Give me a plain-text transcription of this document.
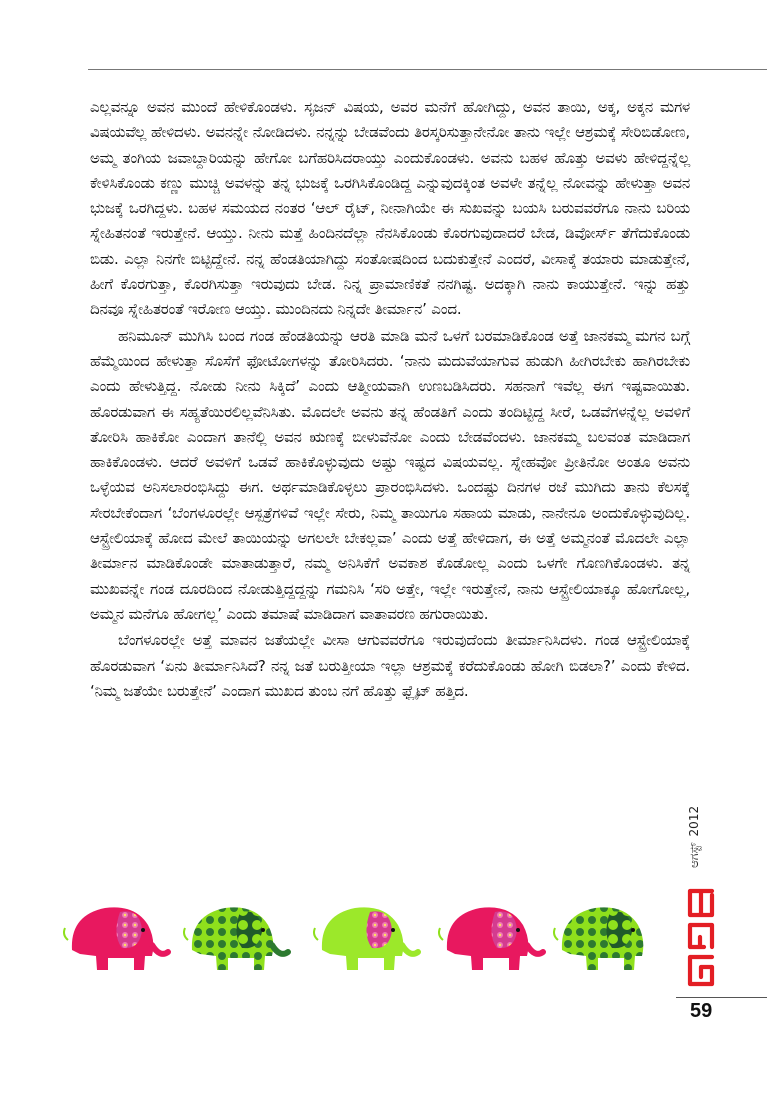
ಎಲ್ಲವನ್ನೂ ಅವನ ಮುಂದೆ ಹೇಳಿಕೊಂಡಳು. ಸೃಜನ್ ವಿಷಯ, ಅವರ ಮನೆಗೆ ಹೋಗಿದ್ದು, ಅವನ ತಾಯಿ, ಅಕ್ಕ, ಅಕ್ಕನ ಮಗಳ ವಿಷಯವೆಲ್ಲ ಹೇಳಿದಳು. ಅವನನ್ನೇ ನೋಡಿದಳು. ನನ್ನನ್ನು ಬೇಡವೆಂದು ತಿರಸ್ಕರಿಸುತ್ತಾನೇನೋ ತಾನು ಇಲ್ಲೇ ಆಶ್ರಮಕ್ಕೆ ಸೇರಿಬಿಡೋಣ, ಅಮ್ಮ ತಂಗಿಯ ಜವಾಬ್ದಾರಿಯನ್ನು ಹೇಗೋ ಬಗೆಹರಿಸಿದರಾಯ್ತು ಎಂದುಕೊಂಡಳು. ಅವನು ಬಹಳ ಹೊತ್ತು ಅವಳು ಹೇಳಿದ್ದನ್ನೆಲ್ಲ ಕೇಳಿಸಿಕೊಂಡು ಕಣ್ಣು ಮುಚ್ಚಿ ಅವಳನ್ನು ತನ್ನ ಭುಜಕ್ಕೆ ಒರಗಿಸಿಕೊಂಡಿದ್ದ ಎನ್ನುವುದಕ್ಕಿಂತ ಅವಳೇ ತನ್ನೆಲ್ಲ ನೋವನ್ನು ಹೇಳುತ್ತಾ ಅವನ ಭುಜಕ್ಕೆ ಒರಗಿದ್ದಳು. ಬಹಳ ಸಮಯದ ನಂತರ ‘ಆಲ್ ರೈಟ್, ನೀನಾಗಿಯೇ ಈ ಸುಖವನ್ನು ಬಯಸಿ ಬರುವವರೆಗೂ ನಾನು ಬರಿಯ ಸ್ನೇಹಿತನಂತೆ ಇರುತ್ತೇನೆ. ಆಯ್ತು. ನೀನು ಮತ್ತೆ ಹಿಂದಿನದೆಲ್ಲಾ ನೆನಸಿಕೊಂಡು ಕೊರಗುವುದಾದರೆ ಬೇಡ, ಡಿವೋರ್ಸ್ ತೆಗೆದುಕೊಂಡು ಬಿಡು. ಎಲ್ಲಾ ನಿನಗೇ ಬಿಟ್ಟಿದ್ದೇನೆ. ನನ್ನ ಹೆಂಡತಿಯಾಗಿದ್ದು ಸಂತೋಷದಿಂದ ಬದುಕುತ್ತೇನೆ ಎಂದರೆ, ವೀಸಾಕ್ಕೆ ತಯಾರು ಮಾಡುತ್ತೇನೆ, ಹೀಗೆ ಕೊರಗುತ್ತಾ, ಕೊರಗಿಸುತ್ತಾ ಇರುವುದು ಬೇಡ. ನಿನ್ನ ಪ್ರಾಮಾಣಿಕತೆ ನನಗಿಷ್ಟ. ಅದಕ್ಕಾಗಿ ನಾನು ಕಾಯುತ್ತೇನೆ. ಇನ್ನು ಹತ್ತು ದಿನವೂ ಸ್ನೇಹಿತರಂತೆ ಇರೋಣ ಆಯ್ತು. ಮುಂದಿನದು ನಿನ್ನದೇ ತೀರ್ಮಾನ’ ಎಂದ.

ಹನಿಮೂನ್ ಮುಗಿಸಿ ಬಂದ ಗಂಡ ಹೆಂಡತಿಯನ್ನು ಆರತಿ ಮಾಡಿ ಮನೆ ಒಳಗೆ ಬರಮಾಡಿಕೊಂಡ ಅತ್ತೆ ಜಾನಕಮ್ಮ ಮಗನ ಬಗ್ಗೆ ಹೆಮ್ಮೆಯಿಂದ ಹೇಳುತ್ತಾ ಸೊಸೆಗೆ ಫೋಟೋಗಳನ್ನು ತೋರಿಸಿದರು. ‘ನಾನು ಮದುವೆಯಾಗುವ ಹುಡುಗಿ ಹೀಗಿರಬೇಕು ಹಾಗಿರಬೇಕು ಎಂದು ಹೇಳುತ್ತಿದ್ದ. ನೋಡು ನೀನು ಸಿಕ್ಕಿದೆ’ ಎಂದು ಆತ್ಮೀಯವಾಗಿ ಉಣಬಡಿಸಿದರು. ಸಹನಾಗೆ ಇವೆಲ್ಲ ಈಗ ಇಷ್ಟವಾಯಿತು. ಹೊರಡುವಾಗ ಈ ಸಹ್ಯತೆಯಿರಲಿಲ್ಲವೆನಿಸಿತು. ಮೊದಲೇ ಅವನು ತನ್ನ ಹೆಂಡತಿಗೆ ಎಂದು ತಂದಿಟ್ಟಿದ್ದ ಸೀರೆ, ಒಡವೆಗಳನ್ನೆಲ್ಲ ಅವಳಿಗೆ ತೋರಿಸಿ ಹಾಕಿಕೋ ಎಂದಾಗ ತಾನೆಲ್ಲಿ ಅವನ ಋಣಕ್ಕೆ ಬೀಳುವೆನೋ ಎಂದು ಬೇಡವೆಂದಳು. ಜಾನಕಮ್ಮ ಬಲವಂತ ಮಾಡಿದಾಗ ಹಾಕಿಕೊಂಡಳು. ಆದರೆ ಅವಳಿಗೆ ಒಡವೆ ಹಾಕಿಕೊಳ್ಳುವುದು ಅಷ್ಟು ಇಷ್ಟದ ವಿಷಯವಲ್ಲ. ಸ್ನೇಹವೋ ಪ್ರೀತಿನೋ ಅಂತೂ ಅವನು ಒಳ್ಳೆಯವ ಅನಿಸಲಾರಂಭಿಸಿದ್ದು ಈಗ. ಅರ್ಥಮಾಡಿಕೊಳ್ಳಲು ಪ್ರಾರಂಭಿಸಿದಳು. ಒಂದಷ್ಟು ದಿನಗಳ ರಜೆ ಮುಗಿದು ತಾನು ಕೆಲಸಕ್ಕೆ ಸೇರಬೇಕೆಂದಾಗ ‘ಬೆಂಗಳೂರಲ್ಲೇ ಆಸ್ಪತ್ರೆಗಳಿವೆ ಇಲ್ಲೇ ಸೇರು, ನಿಮ್ಮ ತಾಯಿಗೂ ಸಹಾಯ ಮಾಡು, ನಾನೇನೂ ಅಂದುಕೊಳ್ಳುವುದಿಲ್ಲ. ಆಸ್ಟ್ರೇಲಿಯಾಕ್ಕೆ ಹೋದ ಮೇಲೆ ತಾಯಿಯನ್ನು ಅಗಲಲೇ ಬೇಕಲ್ಲವಾ’ ಎಂದು ಅತ್ತೆ ಹೇಳಿದಾಗ, ಈ ಅತ್ತೆ ಅಮ್ಮನಂತೆ ಮೊದಲೇ ಎಲ್ಲಾ ತೀರ್ಮಾನ ಮಾಡಿಕೊಂಡೇ ಮಾತಾಡುತ್ತಾರೆ, ನಮ್ಮ ಅನಿಸಿಕೆಗೆ ಅವಕಾಶ ಕೊಡೋಲ್ಲ ಎಂದು ಒಳಗೇ ಗೊಣಗಿಕೊಂಡಳು. ತನ್ನ ಮುಖವನ್ನೇ ಗಂಡ ದೂರದಿಂದ ನೋಡುತ್ತಿದ್ದದ್ದನ್ನು ಗಮನಿಸಿ ‘ಸರಿ ಅತ್ತೇ, ಇಲ್ಲೇ ಇರುತ್ತೇನೆ, ನಾನು ಆಸ್ಟ್ರೇಲಿಯಾಕ್ಕೂ ಹೋಗೋಲ್ಲ, ಅಮ್ಮನ ಮನೆಗೂ ಹೋಗಲ್ಲ’ ಎಂದು ತಮಾಷೆ ಮಾಡಿದಾಗ ವಾತಾವರಣ ಹಗುರಾಯಿತು.

ಬೆಂಗಳೂರಲ್ಲೇ ಅತ್ತೆ ಮಾವನ ಜತೆಯಲ್ಲೇ ವೀಸಾ ಆಗುವವರೆಗೂ ಇರುವುದೆಂದು ತೀರ್ಮಾನಿಸಿದಳು. ಗಂಡ ಆಸ್ಟ್ರೇಲಿಯಾಕ್ಕೆ ಹೊರಡುವಾಗ ‘ಏನು ತೀರ್ಮಾನಿಸಿದೆ? ನನ್ನ ಜತೆ ಬರುತ್ತೀಯಾ ಇಲ್ಲಾ ಆಶ್ರಮಕ್ಕೆ ಕರೆದುಕೊಂಡು ಹೋಗಿ ಬಿಡಲಾ?’ ಎಂದು ಕೇಳಿದ. ‘ನಿಮ್ಮ ಜತೆಯೇ ಬರುತ್ತೇನೆ’ ಎಂದಾಗ ಮುಖದ ತುಂಬ ನಗೆ ಹೊತ್ತು ಫ್ಲೈಟ್ ಹತ್ತಿದ.

ಆಗಸ್ಟ್2012
59
